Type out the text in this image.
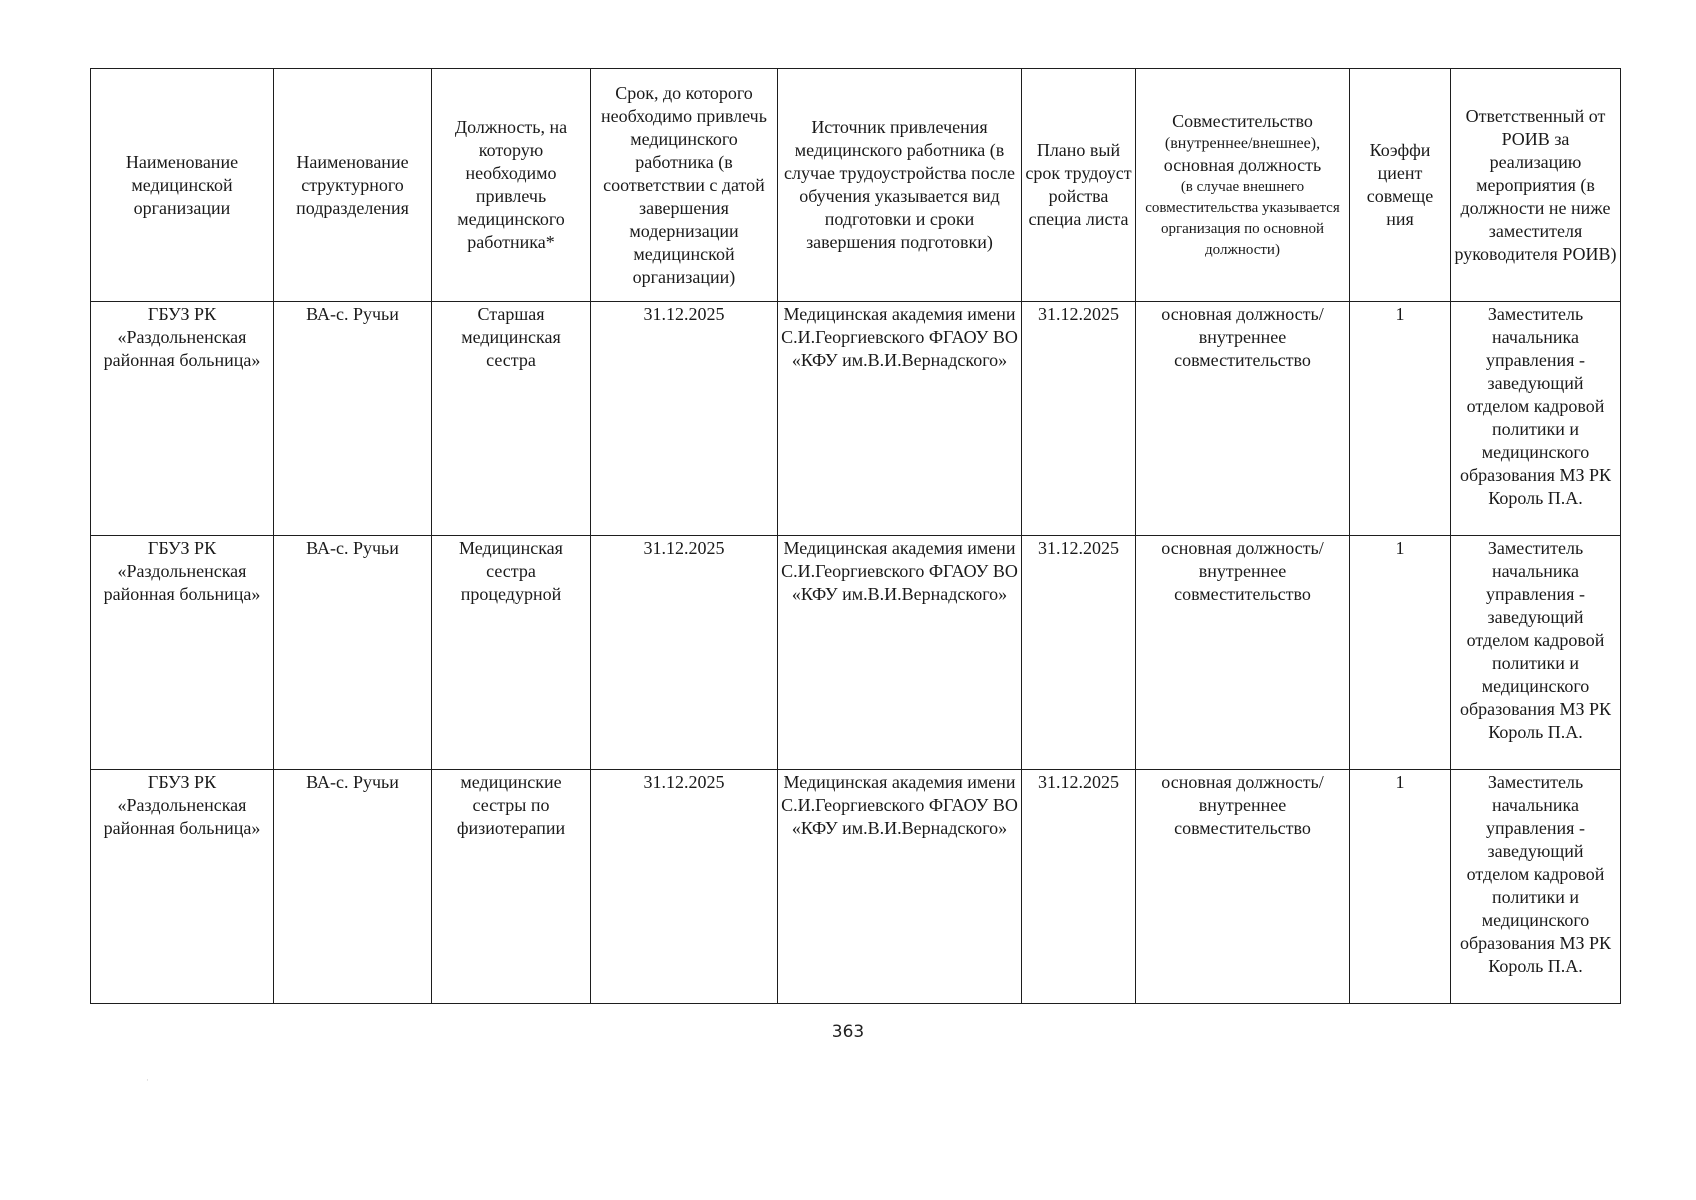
Наименование медицинской организации	Наименование структурного подразделения	Должность, на которую необходимо привлечь медицинского работника*	Срок, до которого необходимо привлечь медицинского работника (в соответствии с датой завершения модернизации медицинской организации)	Источник привлечения медицинского работника (в случае трудоустройства после обучения указывается вид подготовки и сроки завершения подготовки)	Плано вый срок трудоуст ройства специа листа	Совместительство
(внутреннее/внешнее),
основная должность
(в случае внешнего совместительства указывается организация по основной должности)	Коэффи циент совмеще ния	Ответственный от РОИВ за реализацию мероприятия (в должности не ниже заместителя руководителя РОИВ)
ГБУЗ РК «Раздольненская районная больница»	ВА-с. Ручьи	Старшая медицинская сестра	31.12.2025	Медицинская академия имени С.И.Георгиевского ФГАОУ ВО «КФУ им.В.И.Вернадского»	31.12.2025	основная должность/ внутреннее совместительство	1	Заместитель начальника управления - заведующий отделом кадровой политики и медицинского образования МЗ РК Король П.А.
ГБУЗ РК «Раздольненская районная больница»	ВА-с. Ручьи	Медицинская сестра процедурной	31.12.2025	Медицинская академия имени С.И.Георгиевского ФГАОУ ВО «КФУ им.В.И.Вернадского»	31.12.2025	основная должность/ внутреннее совместительство	1	Заместитель начальника управления - заведующий отделом кадровой политики и медицинского образования МЗ РК Король П.А.
ГБУЗ РК «Раздольненская районная больница»	ВА-с. Ручьи	медицинские сестры по физиотерапии	31.12.2025	Медицинская академия имени С.И.Георгиевского ФГАОУ ВО «КФУ им.В.И.Вернадского»	31.12.2025	основная должность/ внутреннее совместительство	1	Заместитель начальника управления - заведующий отделом кадровой политики и медицинского образования МЗ РК Король П.А.
363
·
